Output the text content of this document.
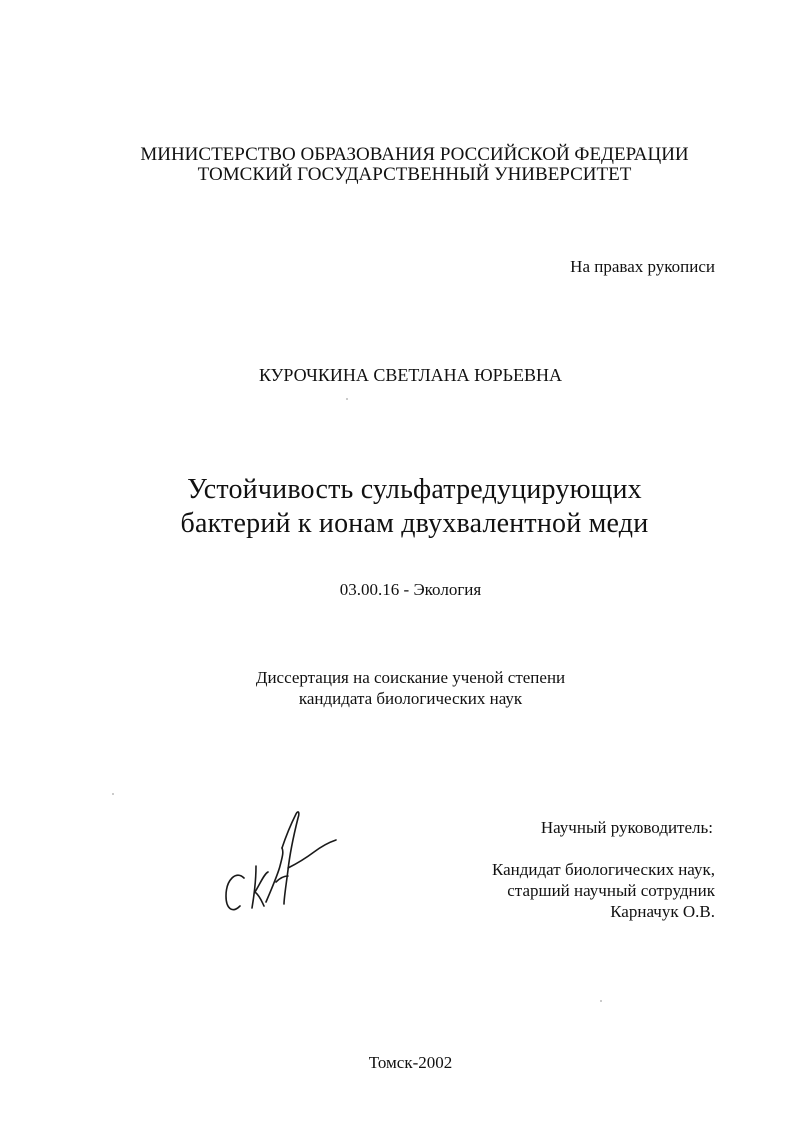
МИНИСТЕРСТВО ОБРАЗОВАНИЯ РОССИЙСКОЙ ФЕДЕРАЦИИ
ТОМСКИЙ ГОСУДАРСТВЕННЫЙ УНИВЕРСИТЕТ
На правах рукописи
КУРОЧКИНА СВЕТЛАНА ЮРЬЕВНА
Устойчивость сульфатредуцирующих
бактерий к ионам двухвалентной меди
03.00.16 - Экология
Диссертация на соискание ученой степени
кандидата биологических наук
Научный руководитель:
Кандидат биологических наук,
старший научный сотрудник
Карначук О.В.
Томск-2002
